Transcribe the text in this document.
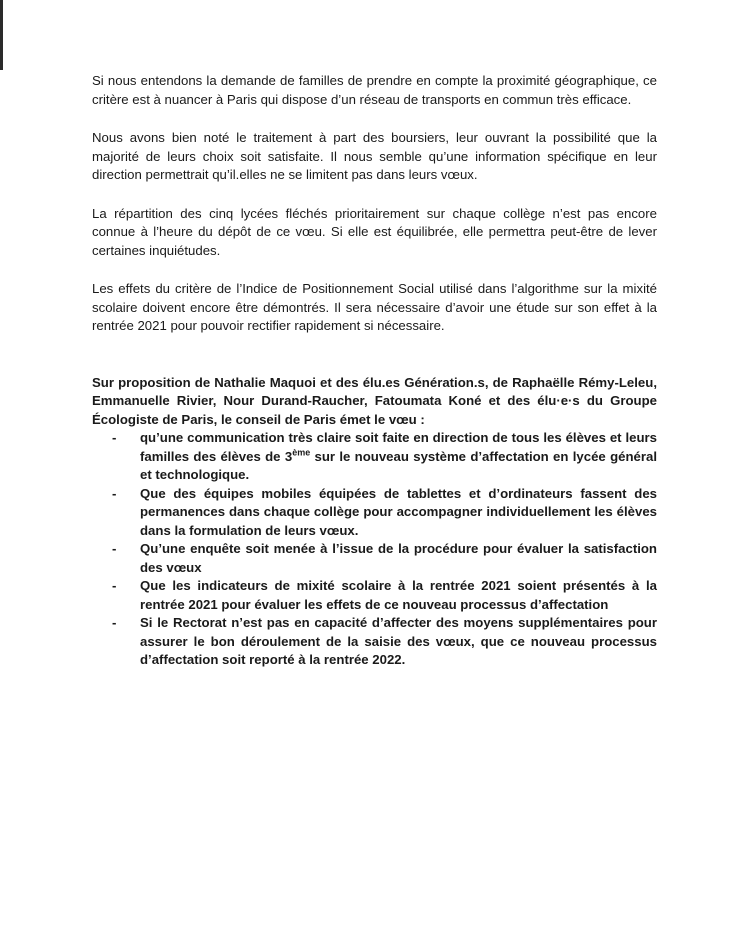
Si nous entendons la demande de familles de prendre en compte la proximité géographique, ce critère est à nuancer à Paris qui dispose d’un réseau de transports en commun très efficace.

Nous avons bien noté le traitement à part des boursiers, leur ouvrant la possibilité que la majorité de leurs choix soit satisfaite. Il nous semble qu’une information spécifique en leur direction permettrait qu’il.elles ne se limitent pas dans leurs vœux.

La répartition des cinq lycées fléchés prioritairement sur chaque collège n’est pas encore connue à l’heure du dépôt de ce vœu. Si elle est équilibrée, elle permettra peut-être de lever certaines inquiétudes.

Les effets du critère de l’Indice de Positionnement Social utilisé dans l’algorithme sur la mixité scolaire doivent encore être démontrés. Il sera nécessaire d’avoir une étude sur son effet à la rentrée 2021 pour pouvoir rectifier rapidement si nécessaire.

Sur proposition de Nathalie Maquoi et des élu.es Génération.s, de Raphaëlle Rémy-Leleu, Emmanuelle Rivier, Nour Durand-Raucher, Fatoumata Koné et des élu·e·s du Groupe Écologiste de Paris, le conseil de Paris émet le vœu :

- qu’une communication très claire soit faite en direction de tous les élèves et leurs familles des élèves de 3ème sur le nouveau système d’affectation en lycée général et technologique.
- Que des équipes mobiles équipées de tablettes et d’ordinateurs fassent des permanences dans chaque collège pour accompagner individuellement les élèves dans la formulation de leurs vœux.
- Qu’une enquête soit menée à l’issue de la procédure pour évaluer la satisfaction des vœux
- Que les indicateurs de mixité scolaire à la rentrée 2021 soient présentés à la rentrée 2021 pour évaluer les effets de ce nouveau processus d’affectation
- Si le Rectorat n’est pas en capacité d’affecter des moyens supplémentaires pour assurer le bon déroulement de la saisie des vœux, que ce nouveau processus d’affectation soit reporté à la rentrée 2022.
